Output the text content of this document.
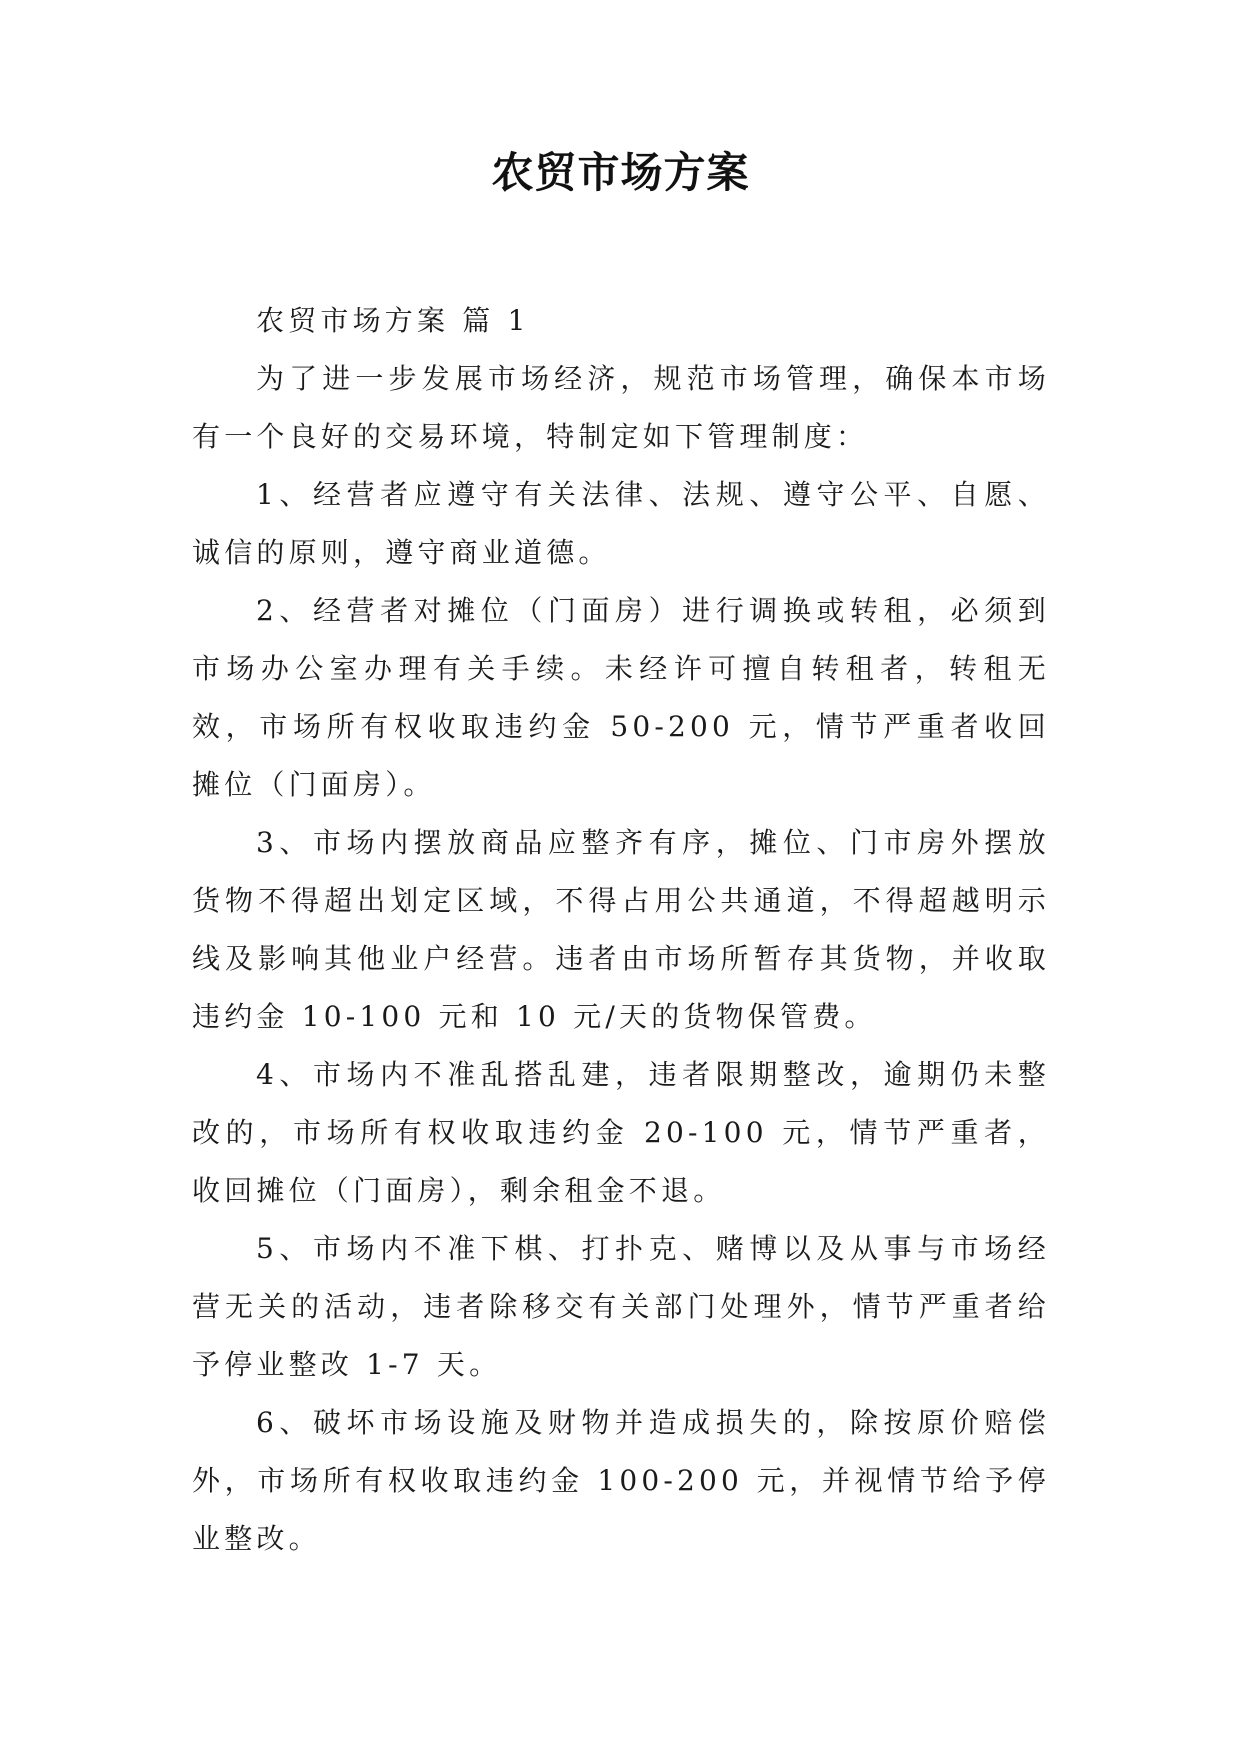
农贸市场方案

农贸市场方案 篇 1

为了进一步发展市场经济，规范市场管理，确保本市场有一个良好的交易环境，特制定如下管理制度：

1、经营者应遵守有关法律、法规、遵守公平、自愿、诚信的原则，遵守商业道德。

2、经营者对摊位（门面房）进行调换或转租，必须到市场办公室办理有关手续。未经许可擅自转租者，转租无效，市场所有权收取违约金 50-200 元，情节严重者收回摊位（门面房）。

3、市场内摆放商品应整齐有序，摊位、门市房外摆放货物不得超出划定区域，不得占用公共通道，不得超越明示线及影响其他业户经营。违者由市场所暂存其货物，并收取违约金 10-100 元和 10 元/天的货物保管费。

4、市场内不准乱搭乱建，违者限期整改，逾期仍未整改的，市场所有权收取违约金 20-100 元，情节严重者，收回摊位（门面房），剩余租金不退。

5、市场内不准下棋、打扑克、赌博以及从事与市场经营无关的活动，违者除移交有关部门处理外，情节严重者给予停业整改 1-7 天。

6、破坏市场设施及财物并造成损失的，除按原价赔偿外，市场所有权收取违约金 100-200 元，并视情节给予停业整改。
